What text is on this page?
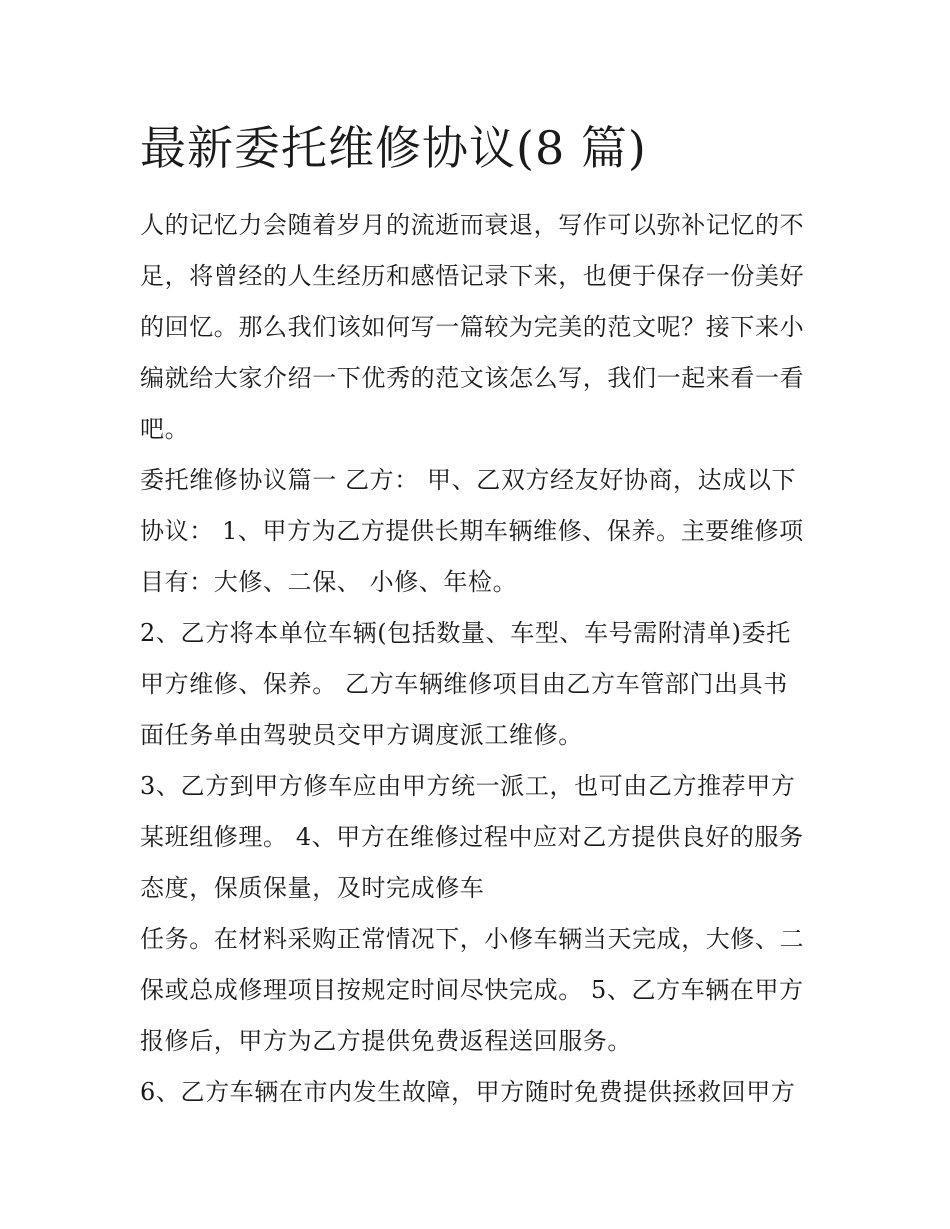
最新委托维修协议(8 篇)
人的记忆力会随着岁月的流逝而衰退，写作可以弥补记忆的不
足，将曾经的人生经历和感悟记录下来，也便于保存一份美好
的回忆。那么我们该如何写一篇较为完美的范文呢？接下来小
编就给大家介绍一下优秀的范文该怎么写，我们一起来看一看
吧。
委托维修协议篇一 乙方： 甲、乙双方经友好协商，达成以下
协议： 1、甲方为乙方提供长期车辆维修、保养。主要维修项
目有：大修、二保、 小修、年检。
2、乙方将本单位车辆(包括数量、车型、车号需附清单)委托
甲方维修、保养。 乙方车辆维修项目由乙方车管部门出具书
面任务单由驾驶员交甲方调度派工维修。
3、乙方到甲方修车应由甲方统一派工，也可由乙方推荐甲方
某班组修理。 4、甲方在维修过程中应对乙方提供良好的服务
态度，保质保量，及时完成修车
任务。在材料采购正常情况下，小修车辆当天完成，大修、二
保或总成修理项目按规定时间尽快完成。 5、乙方车辆在甲方
报修后，甲方为乙方提供免费返程送回服务。
6、乙方车辆在市内发生故障，甲方随时免费提供拯救回甲方
